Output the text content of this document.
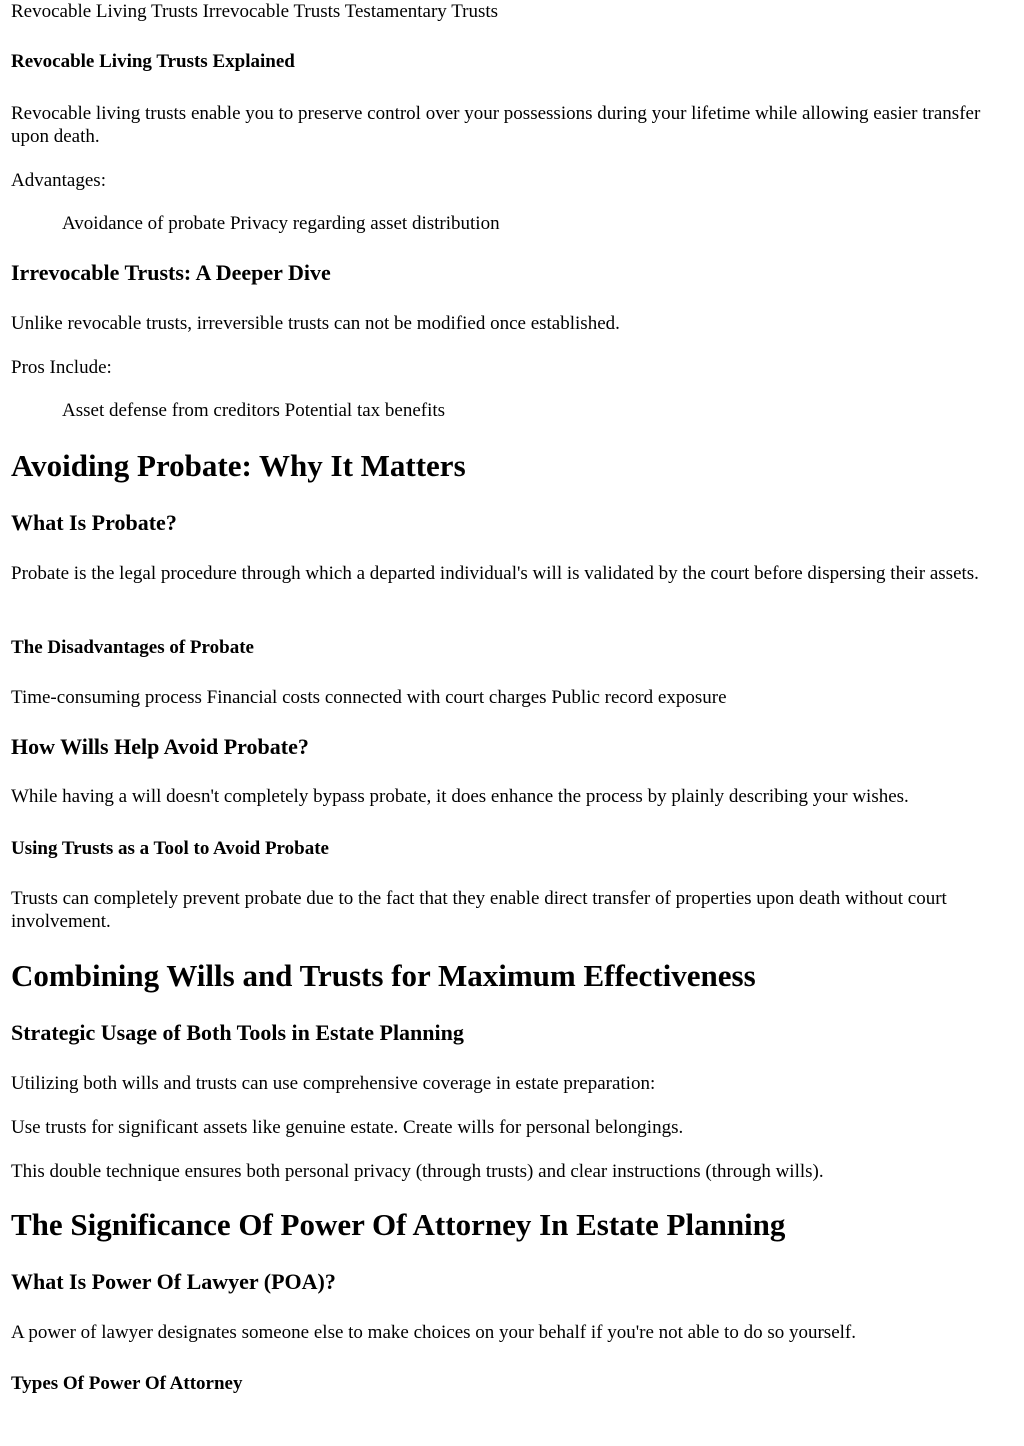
Revocable Living Trusts Irrevocable Trusts Testamentary Trusts

Revocable Living Trusts Explained

Revocable living trusts enable you to preserve control over your possessions during your lifetime while allowing easier transfer upon death.

Advantages:

Avoidance of probate Privacy regarding asset distribution

Irrevocable Trusts: A Deeper Dive

Unlike revocable trusts, irreversible trusts can not be modified once established.

Pros Include:

Asset defense from creditors Potential tax benefits

Avoiding Probate: Why It Matters
What Is Probate?

Probate is the legal procedure through which a departed individual's will is validated by the court before dispersing their assets.

The Disadvantages of Probate

Time-consuming process Financial costs connected with court charges Public record exposure

How Wills Help Avoid Probate?

While having a will doesn't completely bypass probate, it does enhance the process by plainly describing your wishes.

Using Trusts as a Tool to Avoid Probate

Trusts can completely prevent probate due to the fact that they enable direct transfer of properties upon death without court involvement.

Combining Wills and Trusts for Maximum Effectiveness
Strategic Usage of Both Tools in Estate Planning

Utilizing both wills and trusts can use comprehensive coverage in estate preparation:

Use trusts for significant assets like genuine estate. Create wills for personal belongings.

This double technique ensures both personal privacy (through trusts) and clear instructions (through wills).

The Significance Of Power Of Attorney In Estate Planning
What Is Power Of Lawyer (POA)?

A power of lawyer designates someone else to make choices on your behalf if you're not able to do so yourself.

Types Of Power Of Attorney
